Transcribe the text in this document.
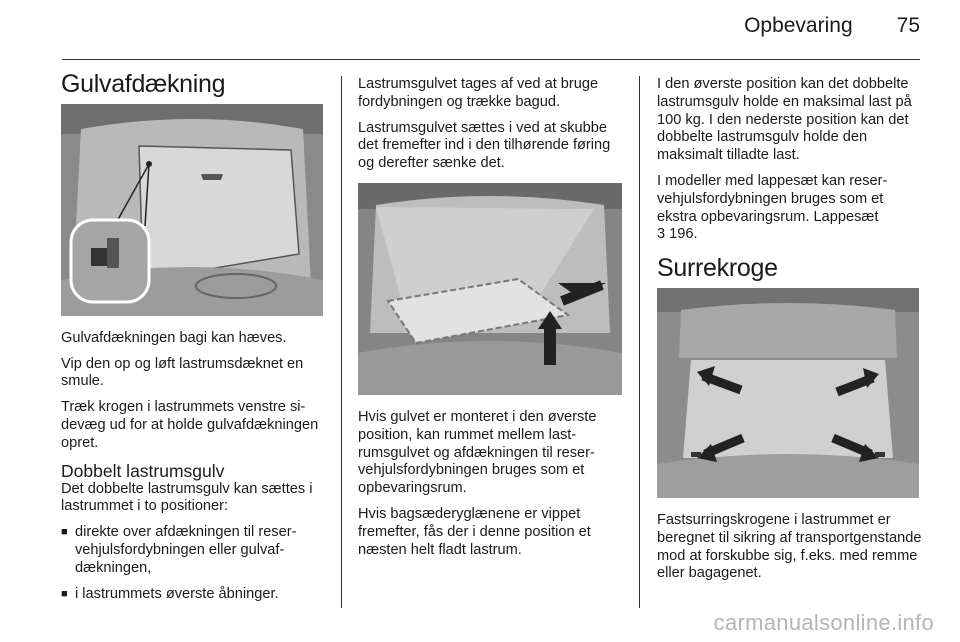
Opbevaring 75
Gulvafdækning

Gulvafdækningen bagi kan hæves.

Vip den op og løft lastrumsdæknet en smule.

Træk krogen i lastrummets venstre sidevæg ud for at holde gulvafdækningen opret.

Dobbelt lastrumsgulv

Det dobbelte lastrumsgulv kan sættes i lastrummet i to positioner:

■ direkte over afdækningen til reservehjulsfordybningen eller gulvafdækningen,
■ i lastrummets øverste åbninger.

Lastrumsgulvet tages af ved at bruge fordybningen og trække bagud.

Lastrumsgulvet sættes i ved at skubbe det fremefter ind i den tilhørende føring og derefter sænke det.

Hvis gulvet er monteret i den øverste position, kan rummet mellem lastrumsgulvet og afdækningen til reservehjulsfordybningen bruges som et opbevaringsrum.

Hvis bagsæderyglænene er vippet fremefter, fås der i denne position et næsten helt fladt lastrum.

I den øverste position kan det dobbelte lastrumsgulv holde en maksimal last på 100 kg. I den nederste position kan det dobbelte lastrumsgulv holde den maksimalt tilladte last.

I modeller med lappesæt kan reservehjulsfordybningen bruges som et ekstra opbevaringsrum. Lappesæt

3 196.

Surrekroge

Fastsurringskrogene i lastrummet er beregnet til sikring af transportgenstande mod at forskubbe sig, f.eks. med remme eller bagagenet.

carmanualsonline.info
